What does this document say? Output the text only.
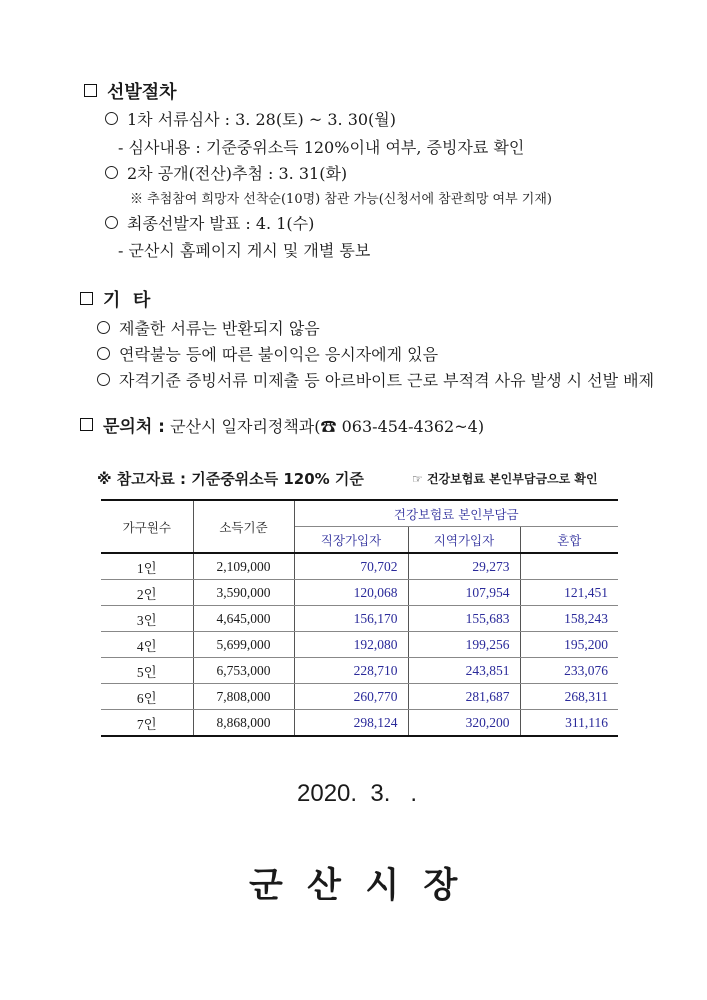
선발절차
1차 서류심사 : 3. 28(토) ~ 3. 30(월)
- 심사내용 : 기준중위소득 120%이내 여부, 증빙자료 확인
2차 공개(전산)추첨 : 3. 31(화)
※ 추첨참여 희망자 선착순(10명) 참관 가능(신청서에 참관희망 여부 기재)
최종선발자 발표 : 4. 1(수)
- 군산시 홈페이지 게시 및 개별 통보
기  타
제출한 서류는 반환되지 않음
연락불능 등에 따른 불이익은 응시자에게 있음
자격기준 증빙서류 미제출 등 아르바이트 근로 부적격 사유 발생 시 선발 배제
문의처 : 군산시 일자리정책과(☎ 063-454-4362~4)
※ 참고자료 : 기준중위소득 120% 기준	☞ 건강보험료 본인부담금으로 확인
가구원수	소득기준	건강보험료 본인부담금		
		직장가입자	지역가입자	혼합
1인	2,109,000	70,702	29,273	
2인	3,590,000	120,068	107,954	121,451
3인	4,645,000	156,170	155,683	158,243
4인	5,699,000	192,080	199,256	195,200
5인	6,753,000	228,710	243,851	233,076
6인	7,808,000	260,770	281,687	268,311
7인	8,868,000	298,124	320,200	311,116
2020.  3.   .
군  산  시  장
